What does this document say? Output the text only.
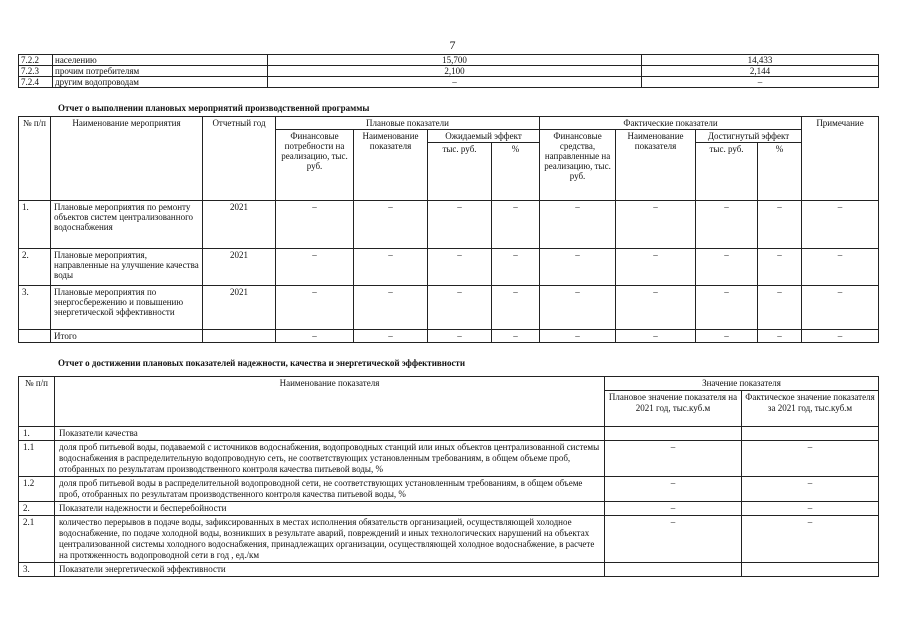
7
7.2.2	населению	15,700	14,433
7.2.3	прочим потребителям	2,100	2,144
7.2.4	другим водопроводам	–	–
Отчет о выполнении плановых мероприятий производственной программы
№ п/п	Наименование мероприятия	Отчетный год	Плановые показатели				Фактические показатели				Примечание
			Финансовые потребности на реализацию, тыс. руб.	Наименование показателя	Ожидаемый эффект		Финансовые средства, направленные на реализацию, тыс. руб.	Наименование показателя	Достигнутый эффект		
					тыс. руб.	%			тыс. руб.	%	
1.	Плановые мероприятия по ремонту объектов систем централизованного водоснабжения	2021	–	–	–	–	–	–	–	–	–
2.	Плановые мероприятия, направленные на улучшение качества воды	2021	–	–	–	–	–	–	–	–	–
3.	Плановые мероприятия по энергосбережению и повышению энергетической эффективности	2021	–	–	–	–	–	–	–	–	–
	Итого		–	–	–	–	–	–	–	–	–
Отчет о достижении плановых показателей надежности, качества и энергетической эффективности
№ п/п	Наименование показателя	Значение показателя	
		Плановое значение показателя на 2021 год, тыс.куб.м	Фактическое значение показателя за 2021 год, тыс.куб.м
1.	Показатели качества		
1.1	доля проб питьевой воды, подаваемой с источников водоснабжения, водопроводных станций или иных объектов централизованной системы водоснабжения в распределительную водопроводную сеть, не соответствующих установленным требованиям, в общем объеме проб, отобранных по результатам производственного контроля качества питьевой воды, %	–	–
1.2	доля проб питьевой воды в распределительной водопроводной сети, не соответствующих установленным требованиям, в общем объеме проб, отобранных по результатам производственного контроля качества питьевой воды, %	–	–
2.	Показатели надежности и бесперебойности	–	–
2.1	количество перерывов в подаче воды, зафиксированных в местах исполнения обязательств организацией, осуществляющей холодное водоснабжение, по подаче холодной воды, возникших в результате аварий, повреждений и иных технологических нарушений на объектах централизованной системы холодного водоснабжения, принадлежащих организации, осуществляющей холодное водоснабжение, в расчете на протяженность водопроводной сети в год , ед./км	–	–
3.	Показатели энергетической эффективности		
